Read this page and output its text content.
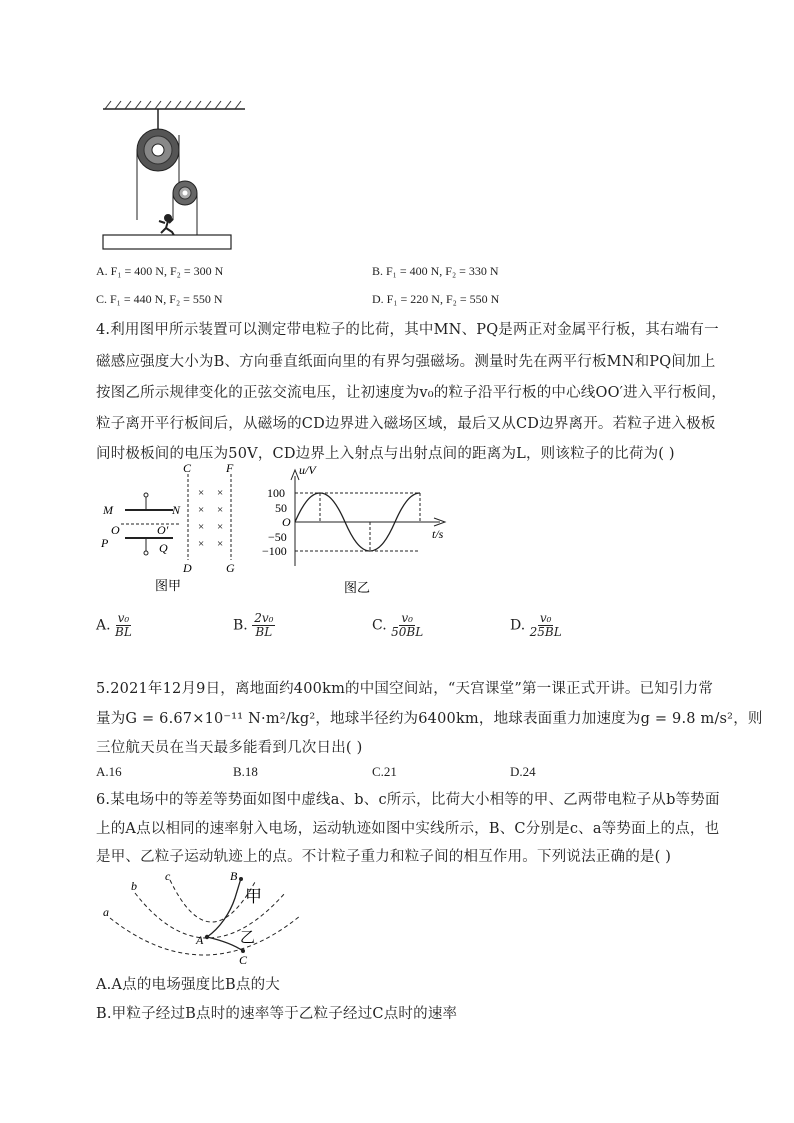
A. F₁ = 400 N, F₂ = 300 N	B. F₁ = 400 N, F₂ = 330 N
C. F₁ = 440 N, F₂ = 550 N	D. F₁ = 220 N, F₂ = 550 N
4.利用图甲所示装置可以测定带电粒子的比荷，其中MN、PQ是两正对金属平行板，其右端有一
磁感应强度大小为B、方向垂直纸面向里的有界匀强磁场。测量时先在两平行板MN和PQ间加上
按图乙所示规律变化的正弦交流电压，让初速度为v₀的粒子沿平行板的中心线OO′进入平行板间，
粒子离开平行板间后，从磁场的CD边界进入磁场区域，最后又从CD边界离开。若粒子进入极板
间时极板间的电压为50V，CD边界上入射点与出射点间的距离为L，则该粒子的比荷为( )
M	N
O	O′
P	Q
C	F
D	G
× ×
× ×
× ×
× ×
图甲
u/V
t/s
100
50
O
−50
−100
图乙
A. $\frac{\text{v₀}}{BL}$	B. $\frac{\text{2v₀}}{BL}$	C. $\frac{\text{v₀}}{50BL}$	D. $\frac{\text{v₀}}{25BL}$
5.2021年12月9日，离地面约400km的中国空间站，“天宫课堂”第一课正式开讲。已知引力常
量为G = 6.67×10⁻¹¹ N·m²/kg²，地球半径约为6400km，地球表面重力加速度为g = 9.8 m/s²，则
三位航天员在当天最多能看到几次日出( )
A.16	B.18	C.21	D.24
6.某电场中的等差等势面如图中虚线a、b、c所示，比荷大小相等的甲、乙两带电粒子从b等势面
上的A点以相同的速率射入电场，运动轨迹如图中实线所示，B、C分别是c、a等势面上的点，也
是甲、乙粒子运动轨迹上的点。不计粒子重力和粒子间的相互作用。下列说法正确的是( )
a
b
c
A
B
C
甲
乙
A.A点的电场强度比B点的大
B.甲粒子经过B点时的速率等于乙粒子经过C点时的速率
